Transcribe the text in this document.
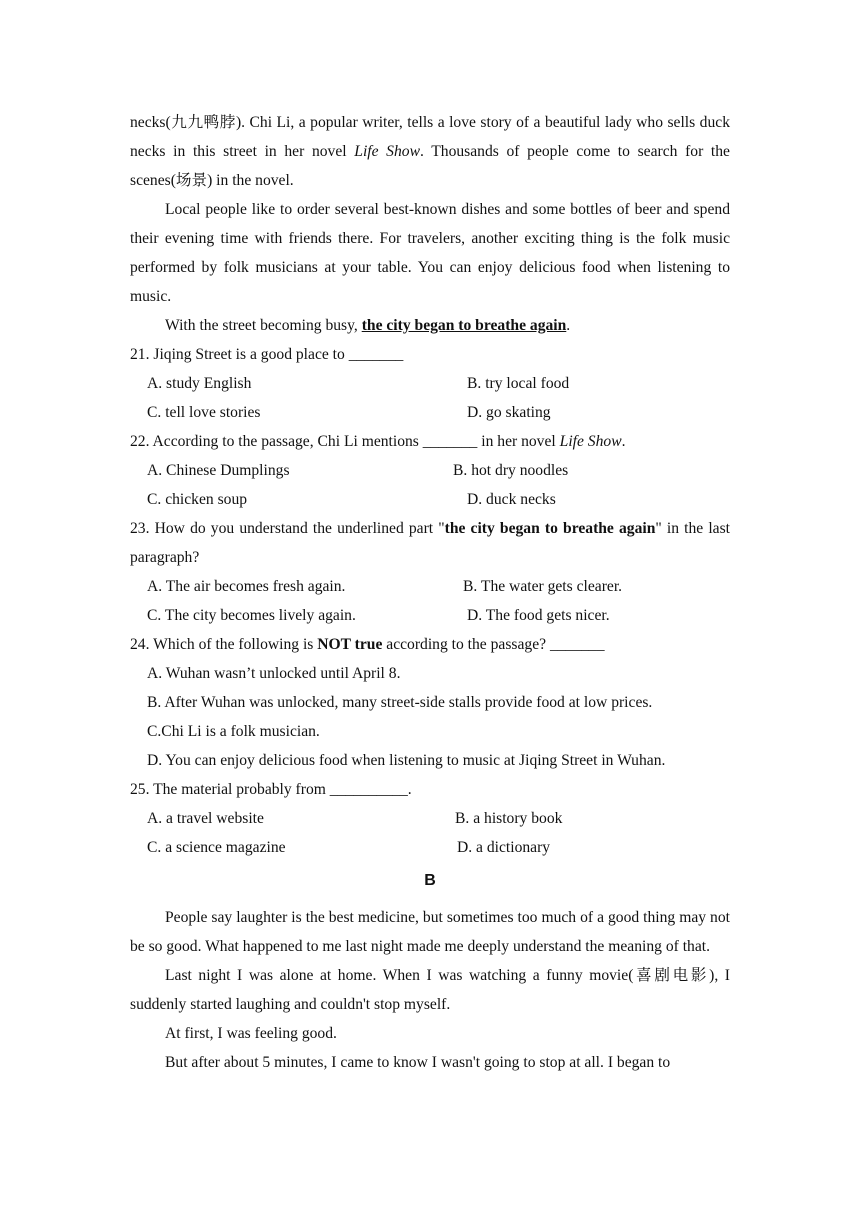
necks(九九鸭脖). Chi Li, a popular writer, tells a love story of a beautiful lady who sells duck necks in this street in her novel Life Show. Thousands of people come to search for the scenes(场景) in the novel.

Local people like to order several best-known dishes and some bottles of beer and spend their evening time with friends there. For travelers, another exciting thing is the folk music performed by folk musicians at your table. You can enjoy delicious food when listening to music.

With the street becoming busy, the city began to breathe again.

21. Jiqing Street is a good place to _______
A. study English	B. try local food
C. tell love stories	D. go skating
22. According to the passage, Chi Li mentions _______ in her novel Life Show.
A. Chinese Dumplings	B. hot dry noodles
C. chicken soup	D. duck necks

23. How do you understand the underlined part "the city began to breathe again" in the last paragraph?

A. The air becomes fresh again.	B. The water gets clearer.
C. The city becomes lively again.	D. The food gets nicer.
24. Which of the following is NOT true according to the passage? _______
A. Wuhan wasn’t unlocked until April 8.
B. After Wuhan was unlocked, many street-side stalls provide food at low prices.
C.Chi Li is a folk musician.
D. You can enjoy delicious food when listening to music at Jiqing Street in Wuhan.
25. The material probably from __________.
A. a travel website	B. a history book
C. a science magazine	D. a dictionary
B

People say laughter is the best medicine, but sometimes too much of a good thing may not be so good. What happened to me last night made me deeply understand the meaning of that.

Last night I was alone at home. When I was watching a funny movie(喜剧电影), I suddenly started laughing and couldn't stop myself.

At first, I was feeling good.

But after about 5 minutes, I came to know I wasn't going to stop at all. I began to
